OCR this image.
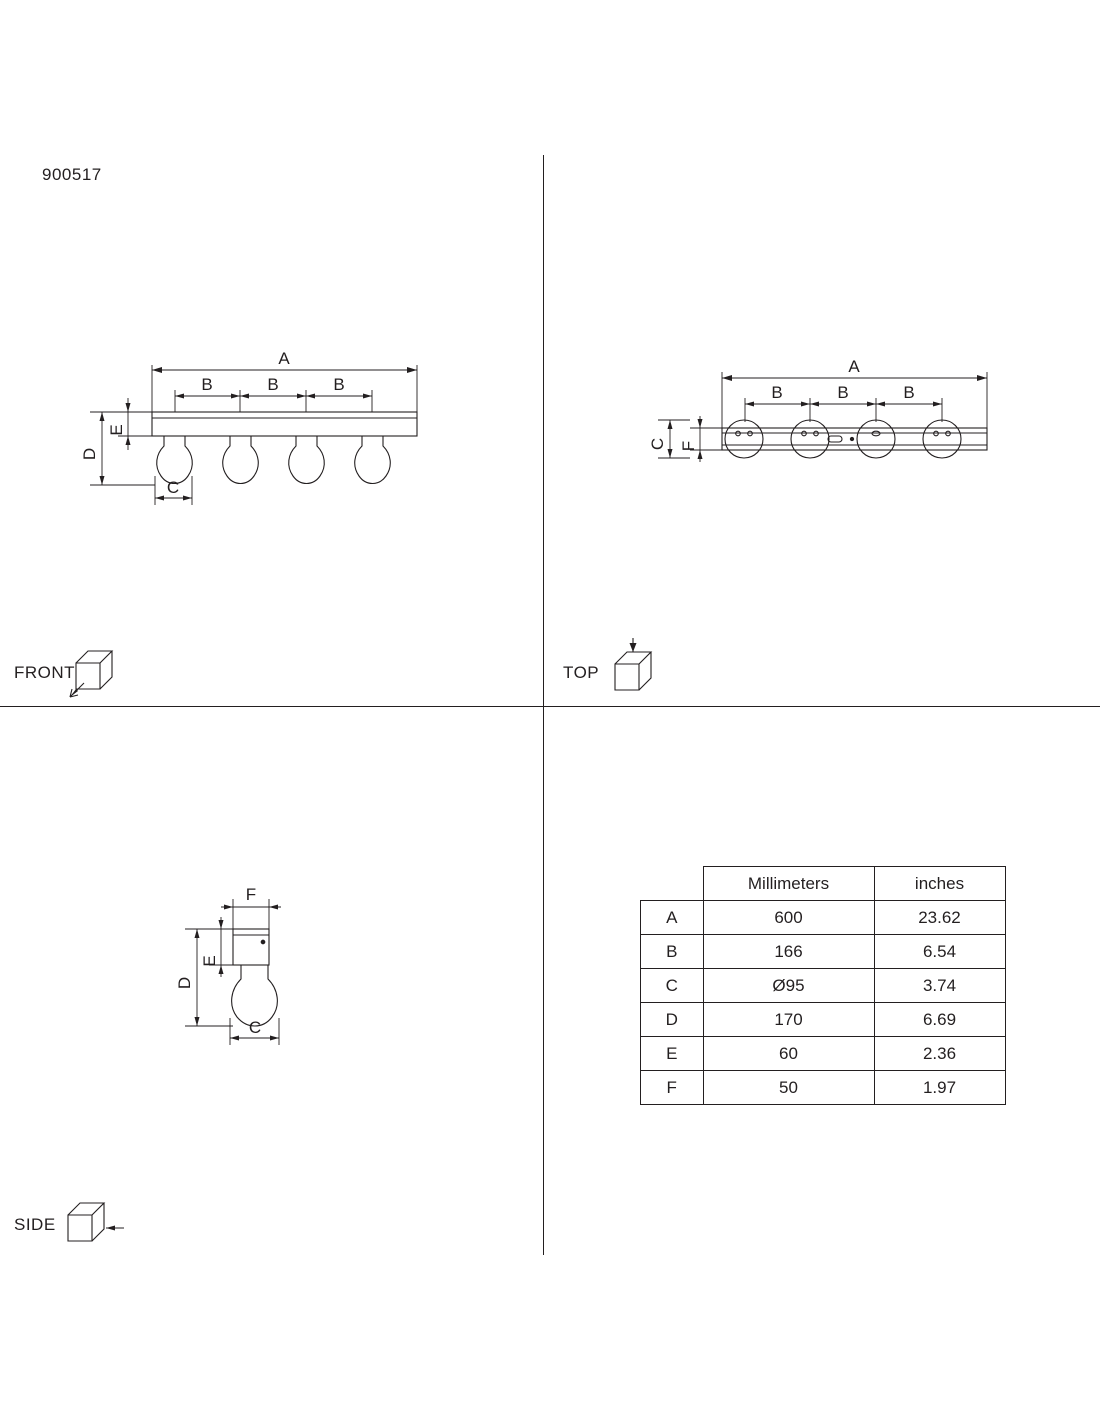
900517
A
B	B	B
E
D
C
FRONT
A
B	B	B
F
C
TOP
F
E
D
C
SIDE
	Millimeters	inches
A	600	23.62
B	166	6.54
C	Ø95	3.74
D	170	6.69
E	60	2.36
F	50	1.97
